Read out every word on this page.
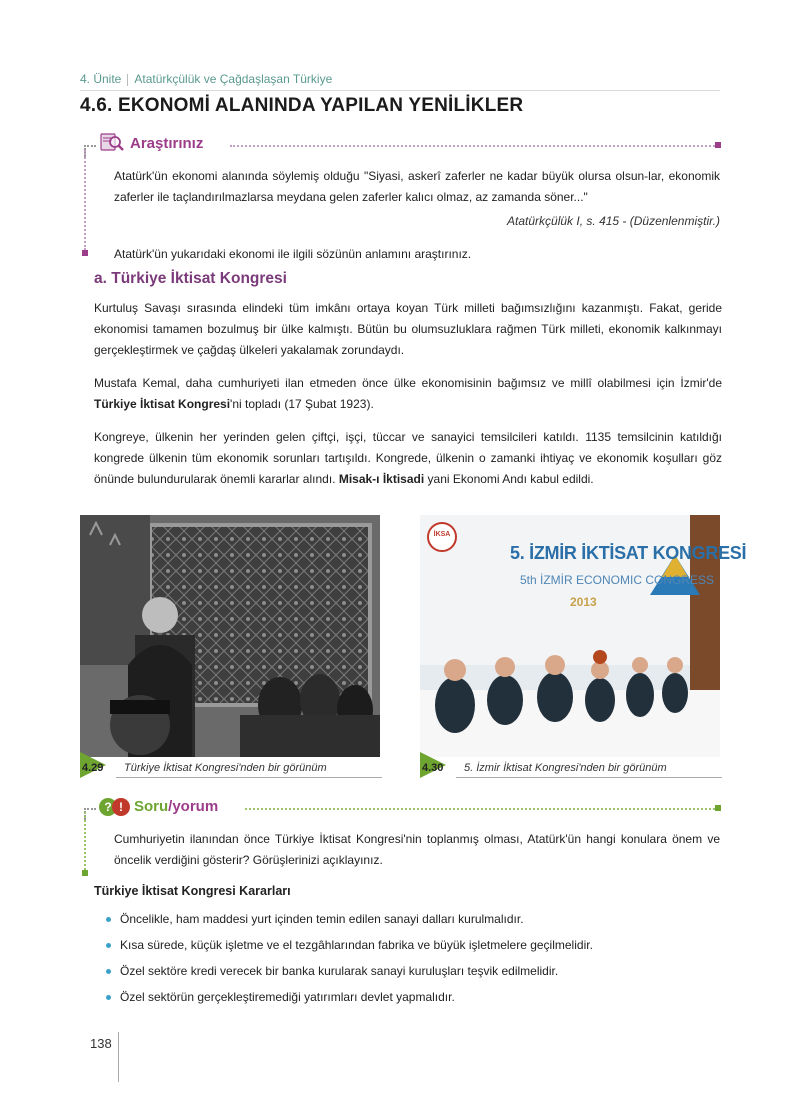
4. Ünite Atatürkçülük ve Çağdaşlaşan Türkiye
4.6. EKONOMİ ALANINDA YAPILAN YENİLİKLER
Araştırınız
Atatürk'ün ekonomi alanında söylemiş olduğu "Siyasi, askerî zaferler ne kadar büyük olursa olsun-lar, ekonomik zaferler ile taçlandırılmazlarsa meydana gelen zaferler kalıcı olmaz, az zamanda söner..."
Atatürkçülük I, s. 415 - (Düzenlenmiştir.)
Atatürk'ün yukarıdaki ekonomi ile ilgili sözünün anlamını araştırınız.
a. Türkiye İktisat Kongresi
Kurtuluş Savaşı sırasında elindeki tüm imkânı ortaya koyan Türk milleti bağımsızlığını kazanmıştı. Fakat, geride ekonomisi tamamen bozulmuş bir ülke kalmıştı. Bütün bu olumsuzluklara rağmen Türk milleti, ekonomik kalkınmayı gerçekleştirmek ve çağdaş ülkeleri yakalamak zorundaydı.
Mustafa Kemal, daha cumhuriyeti ilan etmeden önce ülke ekonomisinin bağımsız ve millî olabilmesi için İzmir'de Türkiye İktisat Kongresi'ni topladı (17 Şubat 1923).
Kongreye, ülkenin her yerinden gelen çiftçi, işçi, tüccar ve sanayici temsilcileri katıldı. 1135 temsilcinin katıldığı kongrede ülkenin tüm ekonomik sorunları tartışıldı. Kongrede, ülkenin o zamanki ihtiyaç ve ekonomik koşulları göz önünde bulundurularak önemli kararlar alındı. Misak-ı İktisadi yani Ekonomi Andı kabul edildi.
4.29 Türkiye İktisat Kongresi'nden bir görünüm
İKSA
5. İZMİR İKTİSAT KONGRESİ
5th İZMİR ECONOMIC CONGRESS
2013
4.30 5. İzmir İktisat Kongresi'nden bir görünüm
? ! Soru/yorum
Cumhuriyetin ilanından önce Türkiye İktisat Kongresi'nin toplanmış olması, Atatürk'ün hangi konulara önem ve öncelik verdiğini gösterir? Görüşlerinizi açıklayınız.
Türkiye İktisat Kongresi Kararları
Öncelikle, ham maddesi yurt içinden temin edilen sanayi dalları kurulmalıdır.
Kısa sürede, küçük işletme ve el tezgâhlarından fabrika ve büyük işletmelere geçilmelidir.
Özel sektöre kredi verecek bir banka kurularak sanayi kuruluşları teşvik edilmelidir.
Özel sektörün gerçekleştiremediği yatırımları devlet yapmalıdır.
138
